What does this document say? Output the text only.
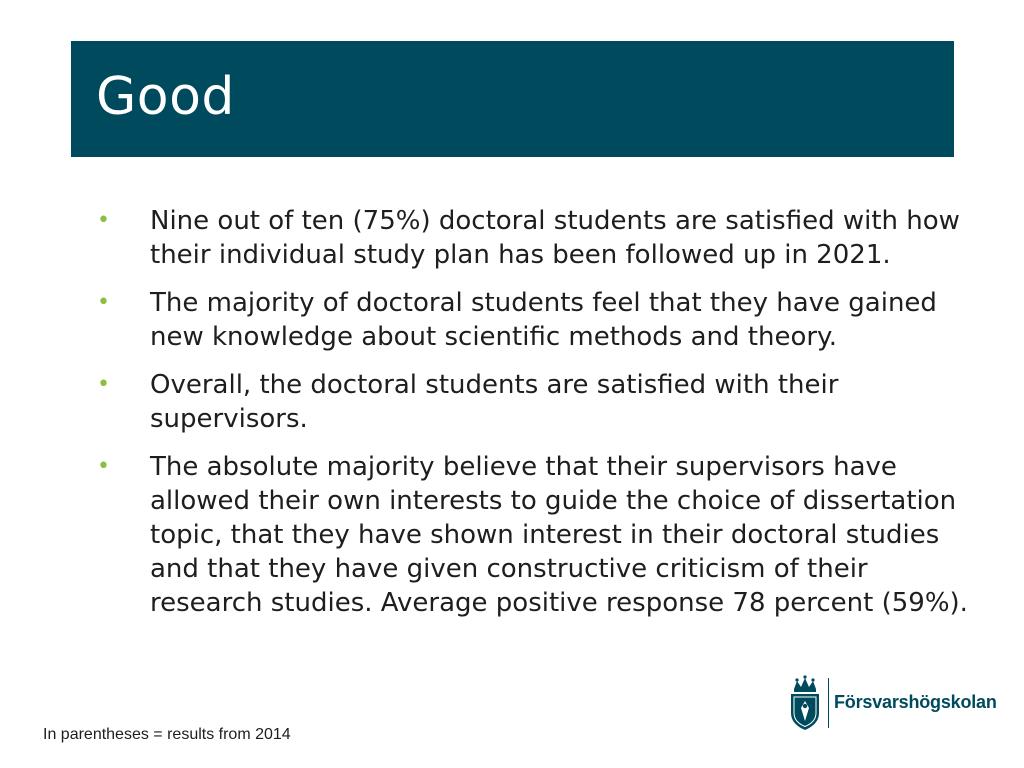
Good
• Nine out of ten (75%) doctoral students are satisfied with how their individual study plan has been followed up in 2021.
• The majority of doctoral students feel that they have gained new knowledge about scientific methods and theory.
• Overall, the doctoral students are satisfied with their supervisors.
• The absolute majority believe that their supervisors have allowed their own interests to guide the choice of dissertation topic, that they have shown interest in their doctoral studies and that they have given constructive criticism of their research studies. Average positive response 78 percent (59%).
In parentheses = results from 2014
Försvarshögskolan
